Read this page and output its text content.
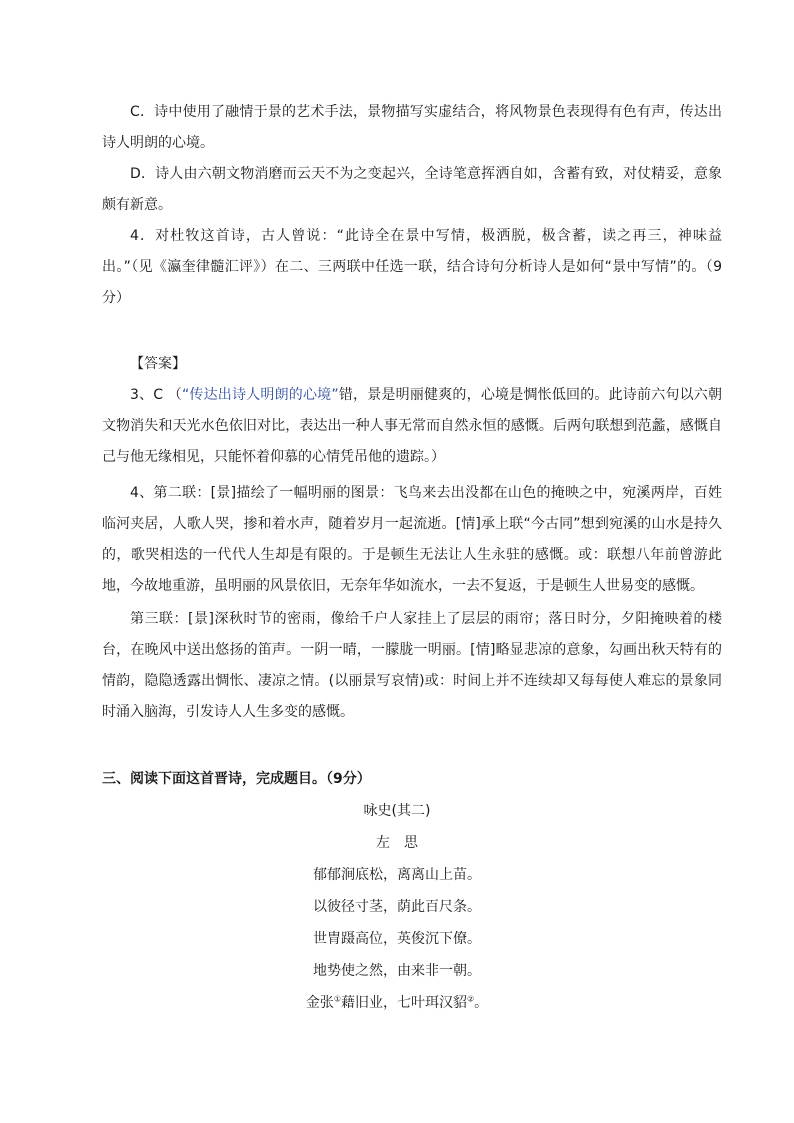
C．诗中使用了融情于景的艺术手法，景物描写实虚结合，将风物景色表现得有色有声，传达出诗人明朗的心境。

D．诗人由六朝文物消磨而云天不为之变起兴，全诗笔意挥洒自如，含蓄有致，对仗精妥，意象颇有新意。

4．对杜牧这首诗，古人曾说：“此诗全在景中写情，极洒脱，极含蓄，读之再三，神味益出。”（见《瀛奎律髓汇评》）在二、三两联中任选一联，结合诗句分析诗人是如何“景中写情”的。（9分）

【答案】

3、C （“传达出诗人明朗的心境”错，景是明丽健爽的，心境是惆怅低回的。此诗前六句以六朝文物消失和天光水色依旧对比，表达出一种人事无常而自然永恒的感慨。后两句联想到范蠡，感慨自己与他无缘相见，只能怀着仰慕的心情凭吊他的遗踪。）

4、第二联：[景]描绘了一幅明丽的图景：飞鸟来去出没都在山色的掩映之中，宛溪两岸，百姓临河夹居，人歌人哭，掺和着水声，随着岁月一起流逝。[情]承上联“今古同”想到宛溪的山水是持久的，歌哭相迭的一代代人生却是有限的。于是顿生无法让人生永驻的感慨。或：联想八年前曾游此地，今故地重游，虽明丽的风景依旧，无奈年华如流水，一去不复返，于是顿生人世易变的感慨。

第三联：[景]深秋时节的密雨，像给千户人家挂上了层层的雨帘；落日时分，夕阳掩映着的楼台，在晚风中送出悠扬的笛声。一阴一晴，一朦胧一明丽。[情]略显悲凉的意象，勾画出秋天特有的情韵，隐隐透露出惆怅、凄凉之情。(以丽景写哀情)或：时间上并不连续却又每每使人难忘的景象同时涌入脑海，引发诗人人生多变的感慨。

三、阅读下面这首晋诗，完成题目。（9分）

咏史(其二)

左　思

郁郁涧底松，离离山上苗。

以彼径寸茎，荫此百尺条。

世胄蹑高位，英俊沉下僚。

地势使之然，由来非一朝。

金张①藉旧业，七叶珥汉貂②。
